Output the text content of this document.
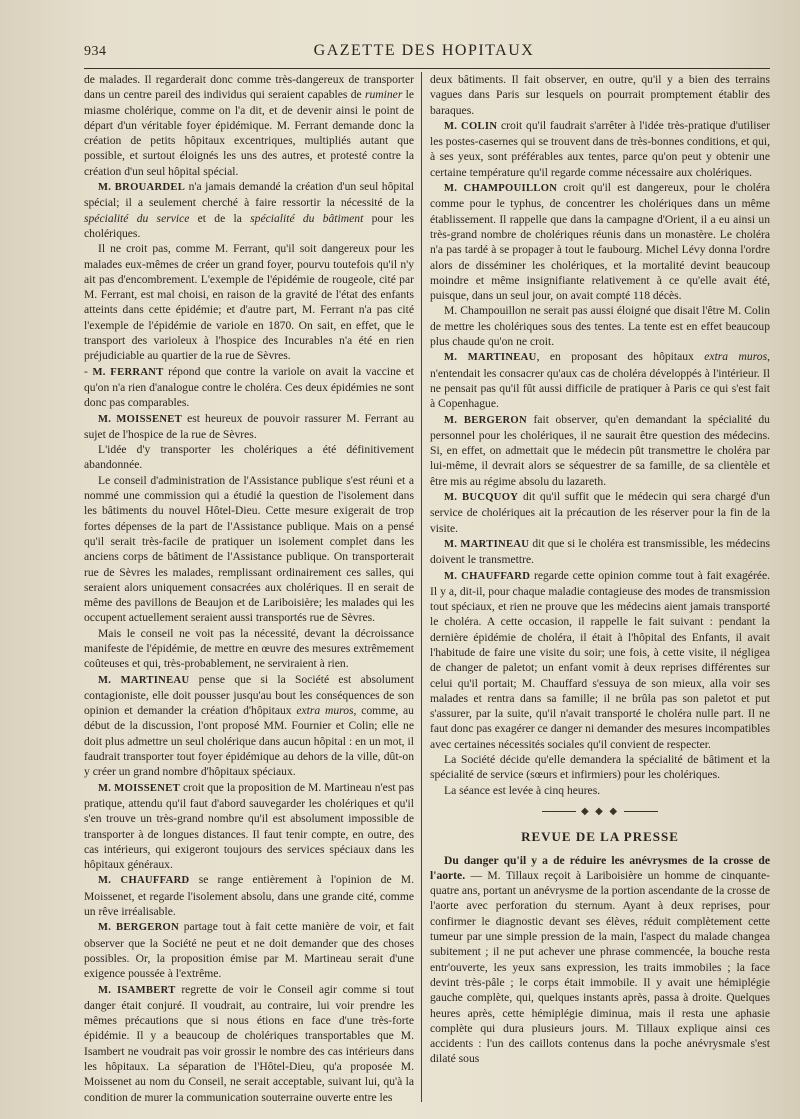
934	GAZETTE DES HOPITAUX

de malades. Il regarderait donc comme très-dangereux de transporter dans un centre pareil des individus qui seraient capables de ruminer le miasme cholérique, comme on l'a dit, et de devenir ainsi le point de départ d'un véritable foyer épidémique. M. Ferrant demande donc la création de petits hôpitaux excentriques, multipliés autant que possible, et surtout éloignés les uns des autres, et protesté contre la création d'un seul hôpital spécial.

M. BROUARDEL n'a jamais demandé la création d'un seul hôpital spécial; il a seulement cherché à faire ressortir la nécessité de la spécialité du service et de la spécialité du bâtiment pour les cholériques.

Il ne croit pas, comme M. Ferrant, qu'il soit dangereux pour les malades eux-mêmes de créer un grand foyer, pourvu toutefois qu'il n'y ait pas d'encombrement. L'exemple de l'épidémie de rougeole, cité par M. Ferrant, est mal choisi, en raison de la gravité de l'état des enfants atteints dans cette épidémie; et d'autre part, M. Ferrant n'a pas cité l'exemple de l'épidémie de variole en 1870. On sait, en effet, que le transport des varioleux à l'hospice des Incurables n'a été en rien préjudiciable au quartier de la rue de Sèvres.

- M. FERRANT répond que contre la variole on avait la vaccine et qu'on n'a rien d'analogue contre le choléra. Ces deux épidémies ne sont donc pas comparables.

M. MOISSENET est heureux de pouvoir rassurer M. Ferrant au sujet de l'hospice de la rue de Sèvres.

L'idée d'y transporter les cholériques a été définitivement abandonnée.

Le conseil d'administration de l'Assistance publique s'est réuni et a nommé une commission qui a étudié la question de l'isolement dans les bâtiments du nouvel Hôtel-Dieu. Cette mesure exigerait de trop fortes dépenses de la part de l'Assistance publique. Mais on a pensé qu'il serait très-facile de pratiquer un isolement complet dans les anciens corps de bâtiment de l'Assistance publique. On transporterait rue de Sèvres les malades, remplissant ordinairement ces salles, qui seraient alors uniquement consacrées aux cholériques. Il en serait de même des pavillons de Beaujon et de Lariboisière; les malades qui les occupent actuellement seraient aussi transportés rue de Sèvres.

Mais le conseil ne voit pas la nécessité, devant la décroissance manifeste de l'épidémie, de mettre en œuvre des mesures extrêmement coûteuses et qui, très-probablement, ne serviraient à rien.

M. MARTINEAU pense que si la Société est absolument contagioniste, elle doit pousser jusqu'au bout les conséquences de son opinion et demander la création d'hôpitaux extra muros, comme, au début de la discussion, l'ont proposé MM. Fournier et Colin; elle ne doit plus admettre un seul cholérique dans aucun hôpital : en un mot, il faudrait transporter tout foyer épidémique au dehors de la ville, dût-on y créer un grand nombre d'hôpitaux spéciaux.

M. MOISSENET croit que la proposition de M. Martineau n'est pas pratique, attendu qu'il faut d'abord sauvegarder les cholériques et qu'il s'en trouve un très-grand nombre qu'il est absolument impossible de transporter à de longues distances. Il faut tenir compte, en outre, des cas intérieurs, qui exigeront toujours des services spéciaux dans les hôpitaux généraux.

M. CHAUFFARD se range entièrement à l'opinion de M. Moissenet, et regarde l'isolement absolu, dans une grande cité, comme un rêve irréalisable.

M. BERGERON partage tout à fait cette manière de voir, et fait observer que la Société ne peut et ne doit demander que des choses possibles. Or, la proposition émise par M. Martineau serait d'une exigence poussée à l'extrême.

M. ISAMBERT regrette de voir le Conseil agir comme si tout danger était conjuré. Il voudrait, au contraire, lui voir prendre les mêmes précautions que si nous étions en face d'une très-forte épidémie. Il y a beaucoup de cholériques transportables que M. Isambert ne voudrait pas voir grossir le nombre des cas intérieurs dans les hôpitaux. La séparation de l'Hôtel-Dieu, qu'a proposée M. Moissenet au nom du Conseil, ne serait acceptable, suivant lui, qu'à la condition de murer la communication souterraine ouverte entre les

deux bâtiments. Il fait observer, en outre, qu'il y a bien des terrains vagues dans Paris sur lesquels on pourrait promptement établir des baraques.

M. COLIN croit qu'il faudrait s'arrêter à l'idée très-pratique d'utiliser les postes-casernes qui se trouvent dans de très-bonnes conditions, et qui, à ses yeux, sont préférables aux tentes, parce qu'on peut y obtenir une certaine température qu'il regarde comme nécessaire aux cholériques.

M. CHAMPOUILLON croit qu'il est dangereux, pour le choléra comme pour le typhus, de concentrer les cholériques dans un même établissement. Il rappelle que dans la campagne d'Orient, il a eu ainsi un très-grand nombre de cholériques réunis dans un monastère. Le choléra n'a pas tardé à se propager à tout le faubourg. Michel Lévy donna l'ordre alors de disséminer les cholériques, et la mortalité devint beaucoup moindre et même insignifiante relativement à ce qu'elle avait été, puisque, dans un seul jour, on avait compté 118 décès.

M. Champouillon ne serait pas aussi éloigné que disait l'être M. Colin de mettre les cholériques sous des tentes. La tente est en effet beaucoup plus chaude qu'on ne croit.

M. MARTINEAU, en proposant des hôpitaux extra muros, n'entendait les consacrer qu'aux cas de choléra développés à l'intérieur. Il ne pensait pas qu'il fût aussi difficile de pratiquer à Paris ce qui s'est fait à Copenhague.

M. BERGERON fait observer, qu'en demandant la spécialité du personnel pour les cholériques, il ne saurait être question des médecins. Si, en effet, on admettait que le médecin pût transmettre le choléra par lui-même, il devrait alors se séquestrer de sa famille, de sa clientèle et être mis au régime absolu du lazareth.

M. BUCQUOY dit qu'il suffit que le médecin qui sera chargé d'un service de cholériques ait la précaution de les réserver pour la fin de la visite.

M. MARTINEAU dit que si le choléra est transmissible, les médecins doivent le transmettre.

M. CHAUFFARD regarde cette opinion comme tout à fait exagérée. Il y a, dit-il, pour chaque maladie contagieuse des modes de transmission tout spéciaux, et rien ne prouve que les médecins aient jamais transporté le choléra. A cette occasion, il rappelle le fait suivant : pendant la dernière épidémie de choléra, il était à l'hôpital des Enfants, il avait l'habitude de faire une visite du soir; une fois, à cette visite, il négligea de changer de paletot; un enfant vomit à deux reprises différentes sur celui qu'il portait; M. Chauffard s'essuya de son mieux, alla voir ses malades et rentra dans sa famille; il ne brûla pas son paletot et put s'assurer, par la suite, qu'il n'avait transporté le choléra nulle part. Il ne faut donc pas exagérer ce danger ni demander des mesures incompatibles avec certaines nécessités sociales qu'il convient de respecter.

La Société décide qu'elle demandera la spécialité de bâtiment et la spécialité de service (sœurs et infirmiers) pour les cholériques.

La séance est levée à cinq heures.

◆ ◆ ◆
REVUE DE LA PRESSE

Du danger qu'il y a de réduire les anévrysmes de la crosse de l'aorte. — M. Tillaux reçoit à Lariboisière un homme de cinquante-quatre ans, portant un anévrysme de la portion ascendante de la crosse de l'aorte avec perforation du sternum. Ayant à deux reprises, pour confirmer le diagnostic devant ses élèves, réduit complètement cette tumeur par une simple pression de la main, l'aspect du malade changea subitement ; il ne put achever une phrase commencée, la bouche resta entr'ouverte, les yeux sans expression, les traits immobiles ; la face devint très-pâle ; le corps était immobile. Il y avait une hémiplégie gauche complète, qui, quelques instants après, passa à droite. Quelques heures après, cette hémiplégie diminua, mais il resta une aphasie complète qui dura plusieurs jours. M. Tillaux explique ainsi ces accidents : l'un des caillots contenus dans la poche anévrysmale s'est dilaté sous
